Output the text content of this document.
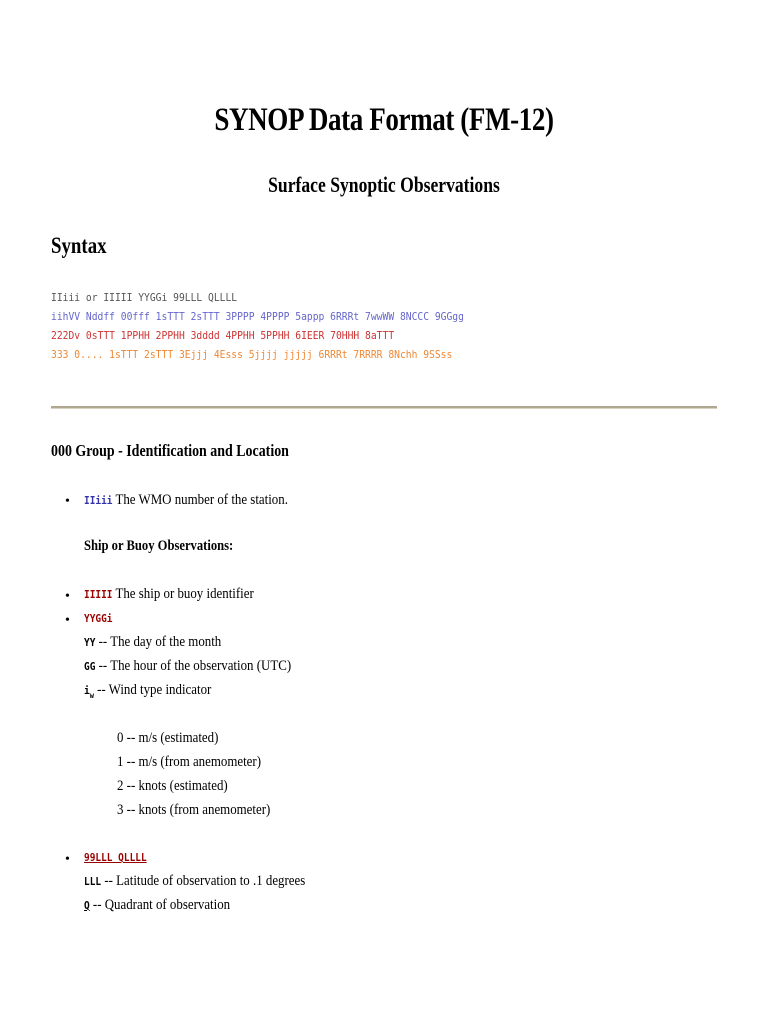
SYNOP Data Format (FM-12)
Surface Synoptic Observations
Syntax
IIiii or IIIII YYGGi 99LLL QLLLL
iihVV Nddff 00fff 1sTTT 2sTTT 3PPPP 4PPPP 5appp 6RRRt 7wwWW 8NCCC 9GGgg
222Dv 0sTTT 1PPHH 2PPHH 3dddd 4PPHH 5PPHH 6IEER 70HHH 8aTTT
333 0.... 1sTTT 2sTTT 3Ejjj 4Esss 5jjjj jjjjj 6RRRt 7RRRR 8Nchh 9SSss
000 Group - Identification and Location
• IIiii The WMO number of the station.
Ship or Buoy Observations:
• IIIII The ship or buoy identifier
• YYGGi
YY -- The day of the month
GG -- The hour of the observation (UTC)
$i_w$ -- Wind type indicator
0 -- m/s (estimated)
1 -- m/s (from anemometer)
2 -- knots (estimated)
3 -- knots (from anemometer)
• 99LLL QLLLL
LLL -- Latitude of observation to .1 degrees
Q -- Quadrant of observation
